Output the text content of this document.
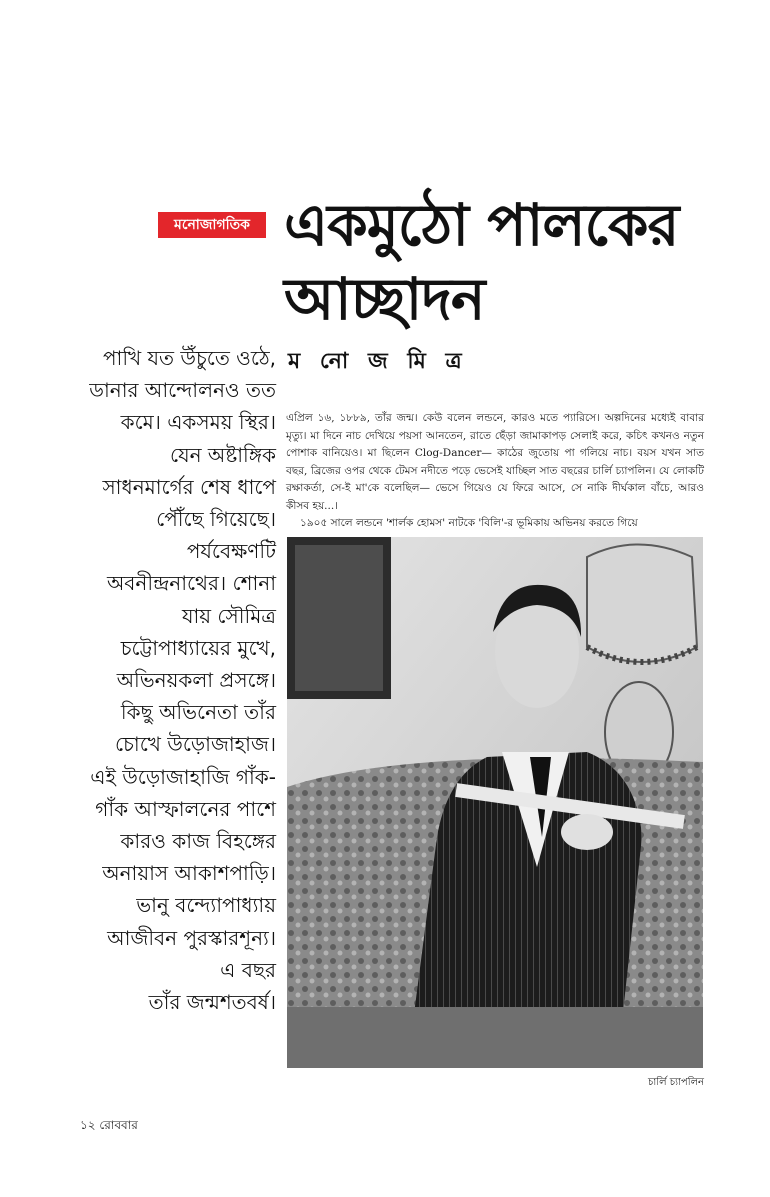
মনোজাগতিক একমুঠো পালকের আচ্ছাদন
ম নো জ মি ত্র
পাখি যত উঁচুতে ওঠে,
ডানার আন্দোলনও তত
কমে। একসময় স্থির।
যেন অষ্টাঙ্গিক
সাধনমার্গের শেষ ধাপে
পৌঁছে গিয়েছে।
পর্যবেক্ষণটি
অবনীন্দ্রনাথের। শোনা
যায় সৌমিত্র
চট্টোপাধ্যায়ের মুখে,
অভিনয়কলা প্রসঙ্গে।
কিছু অভিনেতা তাঁর
চোখে উড়োজাহাজ।
এই উড়োজাহাজি গাঁক-
গাঁক আস্ফালনের পাশে
কারও কাজ বিহঙ্গের
অনায়াস আকাশপাড়ি।
ভানু বন্দ্যোপাধ্যায়
আজীবন পুরস্কারশূন্য।
এ বছর
তাঁর জন্মশতবর্ষ।

এপ্রিল ১৬, ১৮৮৯, তাঁর জন্ম। কেউ বলেন লন্ডনে, কারও মতে প্যারিসে। অল্পদিনের মধ্যেই বাবার মৃত্যু। মা দিনে নাচ দেখিয়ে পয়সা আনতেন, রাতে ছেঁড়া জামাকাপড় সেলাই করে, কচিৎ কখনও নতুন পোশাক বানিয়েও। মা ছিলেন Clog-Dancer— কাঠের জুতোয় পা গলিয়ে নাচ। বয়স যখন সাত বছর, ব্রিজের ওপর থেকে টেমস নদীতে পড়ে ভেসেই যাচ্ছিল সাত বছরের চার্লি চ্যাপলিন। যে লোকটি রক্ষাকর্তা, সে-ই মা'কে বলেছিল— ভেসে গিয়েও যে ফিরে আসে, সে নাকি দীর্ঘকাল বাঁচে, আরও কীসব হয়...।

১৯০৫ সালে লন্ডনে 'শার্লক হোমস' নাটকে 'বিলি'-র ভূমিকায় অভিনয় করতে গিয়ে

চার্লি চ্যাপলিন
১২ রোববার
